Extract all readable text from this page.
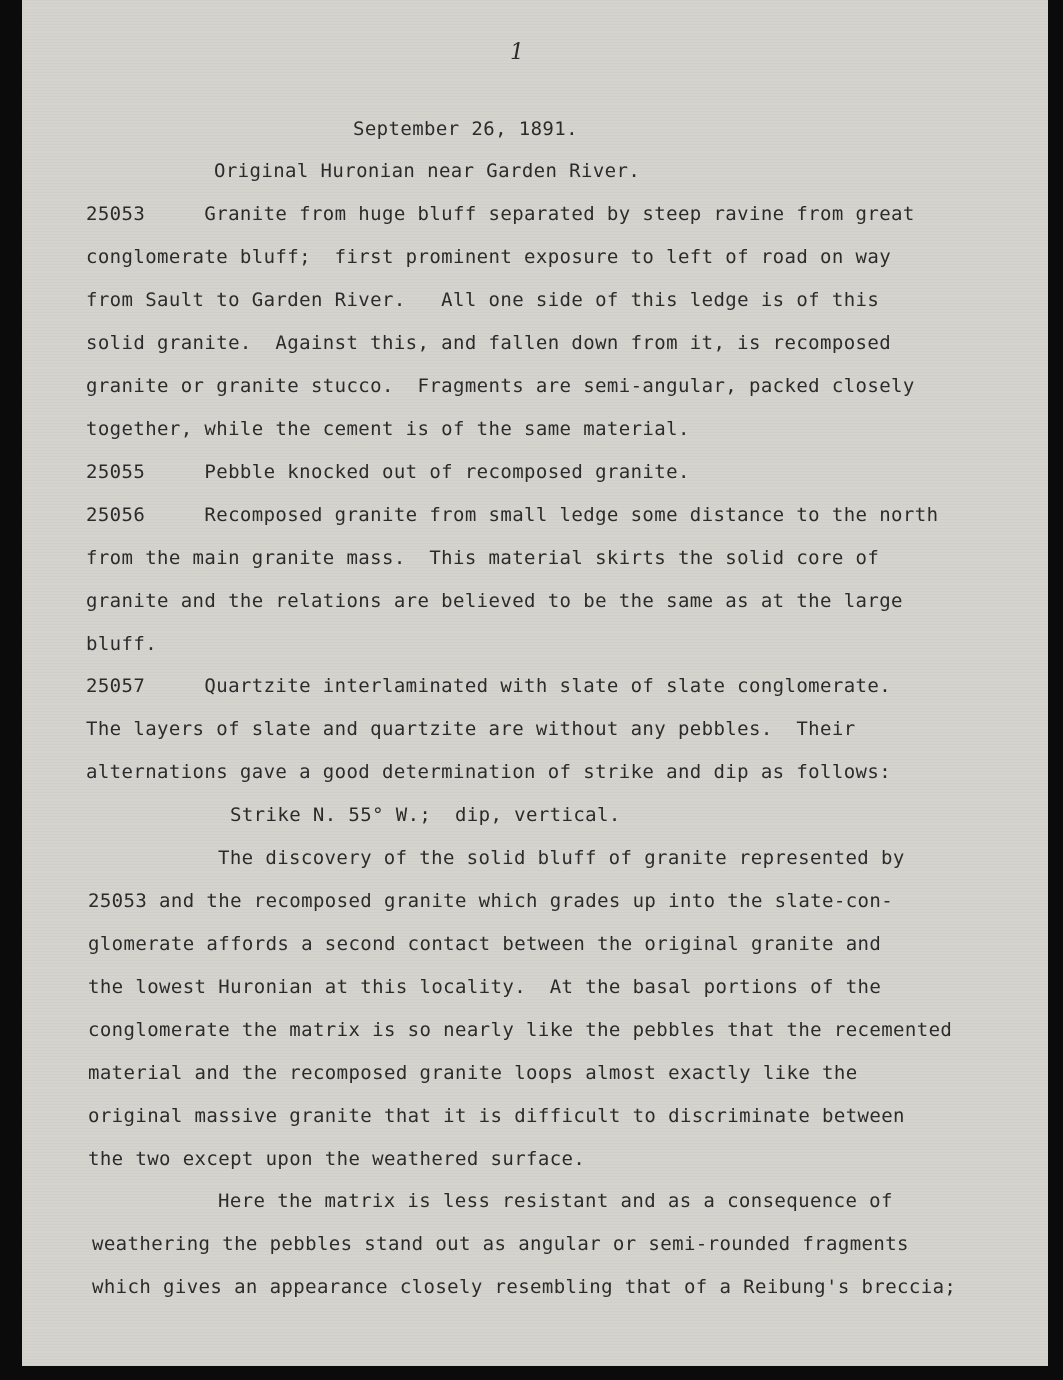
1
September 26, 1891.
Original Huronian near Garden River.
25053     Granite from huge bluff separated by steep ravine from great
conglomerate bluff;  first prominent exposure to left of road on way
from Sault to Garden River.   All one side of this ledge is of this
solid granite.  Against this, and fallen down from it, is recomposed
granite or granite stucco.  Fragments are semi-angular, packed closely
together, while the cement is of the same material.
25055     Pebble knocked out of recomposed granite.
25056     Recomposed granite from small ledge some distance to the north
from the main granite mass.  This material skirts the solid core of
granite and the relations are believed to be the same as at the large
bluff.
25057     Quartzite interlaminated with slate of slate conglomerate.
The layers of slate and quartzite are without any pebbles.  Their
alternations gave a good determination of strike and dip as follows:
Strike N. 55° W.;  dip, vertical.
The discovery of the solid bluff of granite represented by
25053 and the recomposed granite which grades up into the slate-con-
glomerate affords a second contact between the original granite and
the lowest Huronian at this locality.  At the basal portions of the
conglomerate the matrix is so nearly like the pebbles that the recemented
material and the recomposed granite loops almost exactly like the
original massive granite that it is difficult to discriminate between
the two except upon the weathered surface.
Here the matrix is less resistant and as a consequence of
weathering the pebbles stand out as angular or semi-rounded fragments
which gives an appearance closely resembling that of a Reibung's breccia;
